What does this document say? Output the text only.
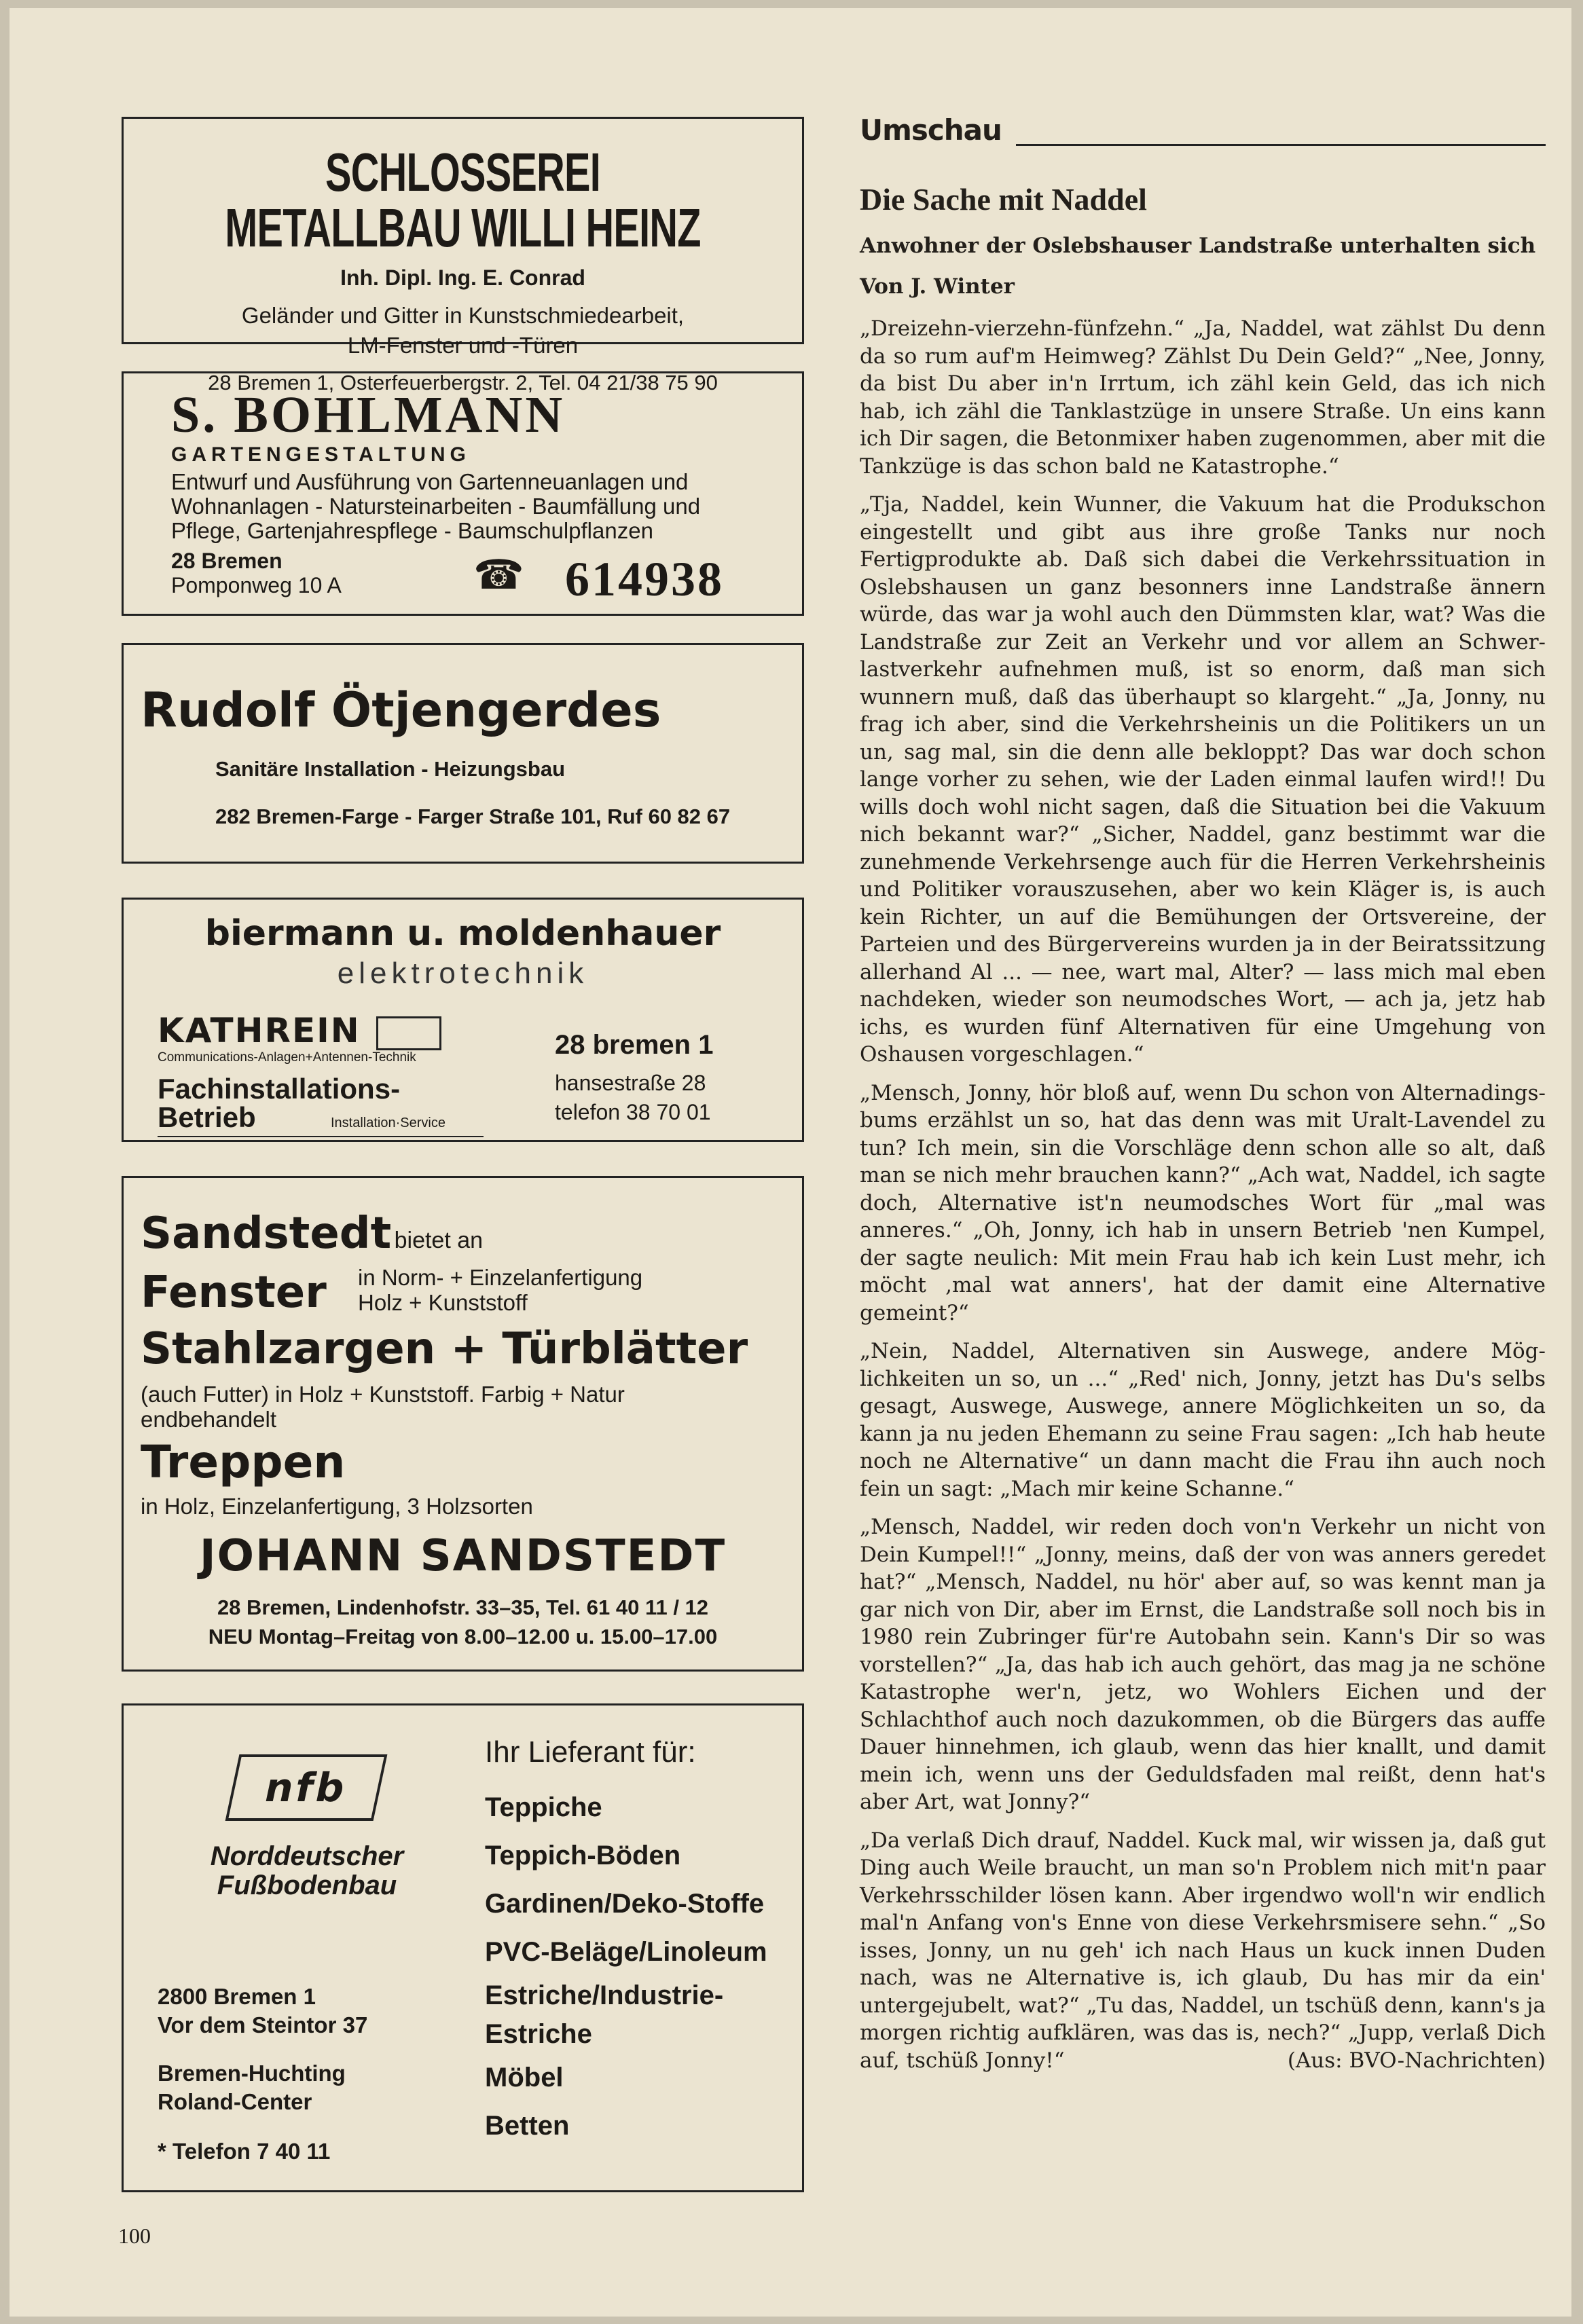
SCHLOSSEREI METALLBAU WILLI HEINZ
Inh. Dipl. Ing. E. Conrad
Geländer und Gitter in Kunstschmiedearbeit,
LM-Fenster und -Türen
28 Bremen 1, Osterfeuerbergstr. 2, Tel. 04 21/38 75 90
S. BOHLMANN
GARTENGESTALTUNG
Entwurf und Ausführung von Gartenneuanlagen und
Wohnanlagen - Natursteinarbeiten - Baumfällung und
Pflege, Gartenjahrespflege - Baumschulpflanzen
28 Bremen
Pomponweg 10 A	☎ 614938
Rudolf Ötjengerdes
Sanitäre Installation - Heizungsbau
282 Bremen-Farge - Farger Straße 101, Ruf 60 82 67
biermann u. moldenhauer
elektrotechnik
KATHREIN
Communications-Anlagen+Antennen-Technik
Fachinstallations-
Betrieb	Installation·Service
28 bremen 1
hansestraße 28
telefon 38 70 01
Sandstedt bietet an
Fenster in Norm- + Einzelanfertigung
Holz + Kunststoff
Stahlzargen + Türblätter
(auch Futter) in Holz + Kunststoff. Farbig + Natur
endbehandelt
Treppen
in Holz, Einzelanfertigung, 3 Holzsorten
JOHANN SANDSTEDT
28 Bremen, Lindenhofstr. 33–35, Tel. 61 40 11 / 12
NEU Montag–Freitag von 8.00–12.00 u. 15.00–17.00
nfb
Norddeutscher
Fußbodenbau
2800 Bremen 1
Vor dem Steintor 37
Bremen-Huchting
Roland-Center
* Telefon 7 40 11
Ihr Lieferant für:
Teppiche
Teppich-Böden
Gardinen/Deko-Stoffe
PVC-Beläge/Linoleum
Estriche/Industrie-
Estriche
Möbel
Betten
Umschau
Die Sache mit Naddel
Anwohner der Oslebshauser Landstraße unterhalten sich
Von J. Winter

„Dreizehn-vierzehn-fünfzehn.“ „Ja, Naddel, wat zählst Du denn da so rum auf'm Heimweg? Zählst Du Dein Geld?“ „Nee, Jonny, da bist Du aber in'n Irrtum, ich zähl kein Geld, das ich nich hab, ich zähl die Tanklastzüge in unsere Straße. Un eins kann ich Dir sagen, die Betonmixer haben zugenommen, aber mit die Tankzüge is das schon bald ne Katastrophe.“

„Tja, Naddel, kein Wunner, die Vakuum hat die Produkschon eingestellt und gibt aus ihre große Tanks nur noch Fertigprodukte ab. Daß sich dabei die Verkehrssituation in Oslebshausen un ganz besonners inne Landstraße ännern würde, das war ja wohl auch den Dümmsten klar, wat? Was die Landstraße zur Zeit an Verkehr und vor allem an Schwerlastverkehr aufnehmen muß, ist so enorm, daß man sich wunnern muß, daß das überhaupt so klargeht.“ „Ja, Jonny, nu frag ich aber, sind die Verkehrsheinis un die Politikers un un un, sag mal, sin die denn alle bekloppt? Das war doch schon lange vorher zu sehen, wie der Laden einmal laufen wird!! Du wills doch wohl nicht sagen, daß die Situation bei die Vakuum nich bekannt war?“ „Sicher, Naddel, ganz bestimmt war die zunehmende Verkehrsenge auch für die Herren Verkehrsheinis und Politiker vorauszusehen, aber wo kein Kläger is, is auch kein Richter, un auf die Bemühungen der Ortsvereine, der Parteien und des Bürgervereins wurden ja in der Beiratssitzung allerhand Al ... — nee, wart mal, Alter? — lass mich mal eben nachdeken, wieder son neumodsches Wort, — ach ja, jetz hab ichs, es wurden fünf Alternativen für eine Umgehung von Oshausen vorgeschlagen.“

„Mensch, Jonny, hör bloß auf, wenn Du schon von Alternadings-bums erzählst un so, hat das denn was mit Uralt-Lavendel zu tun? Ich mein, sin die Vorschläge denn schon alle so alt, daß man se nich mehr brauchen kann?“ „Ach wat, Naddel, ich sagte doch, Alternative ist'n neumodsches Wort für „mal was anneres.“ „Oh, Jonny, ich hab in unsern Betrieb 'nen Kumpel, der sagte neulich: Mit mein Frau hab ich kein Lust mehr, ich möcht ,mal wat anners', hat der damit eine Alternative gemeint?“

„Nein, Naddel, Alternativen sin Auswege, andere Möglichkeiten un so, un ...“ „Red' nich, Jonny, jetzt has Du's selbs gesagt, Auswege, Auswege, annere Möglichkeiten un so, da kann ja nu jeden Ehemann zu seine Frau sagen: „Ich hab heute noch ne Alternative“ un dann macht die Frau ihn auch noch fein un sagt: „Mach mir keine Schanne.“

„Mensch, Naddel, wir reden doch von'n Verkehr un nicht von Dein Kumpel!!“ „Jonny, meins, daß der von was anners geredet hat?“ „Mensch, Naddel, nu hör' aber auf, so was kennt man ja gar nich von Dir, aber im Ernst, die Landstraße soll noch bis in 1980 rein Zubringer für're Autobahn sein. Kann's Dir so was vorstellen?“ „Ja, das hab ich auch gehört, das mag ja ne schöne Katastrophe wer'n, jetz, wo Wohlers Eichen und der Schlachthof auch noch dazukommen, ob die Bürgers das auffe Dauer hinnehmen, ich glaub, wenn das hier knallt, und damit mein ich, wenn uns der Geduldsfaden mal reißt, denn hat's aber Art, wat Jonny?“

„Da verlaß Dich drauf, Naddel. Kuck mal, wir wissen ja, daß gut Ding auch Weile braucht, un man so'n Problem nich mit'n paar Verkehrsschilder lösen kann. Aber irgendwo woll'n wir endlich mal'n Anfang von's Enne von diese Verkehrsmisere sehn.“ „So isses, Jonny, un nu geh' ich nach Haus un kuck innen Duden nach, was ne Alternative is, ich glaub, Du has mir da ein' untergejubelt, wat?“ „Tu das, Naddel, un tschüß denn, kann's ja morgen richtig aufklären, was das is, nech?“ „Jupp, verlaß Dich auf, tschüß Jonny!“	(Aus: BVO-Nachrichten)
100
